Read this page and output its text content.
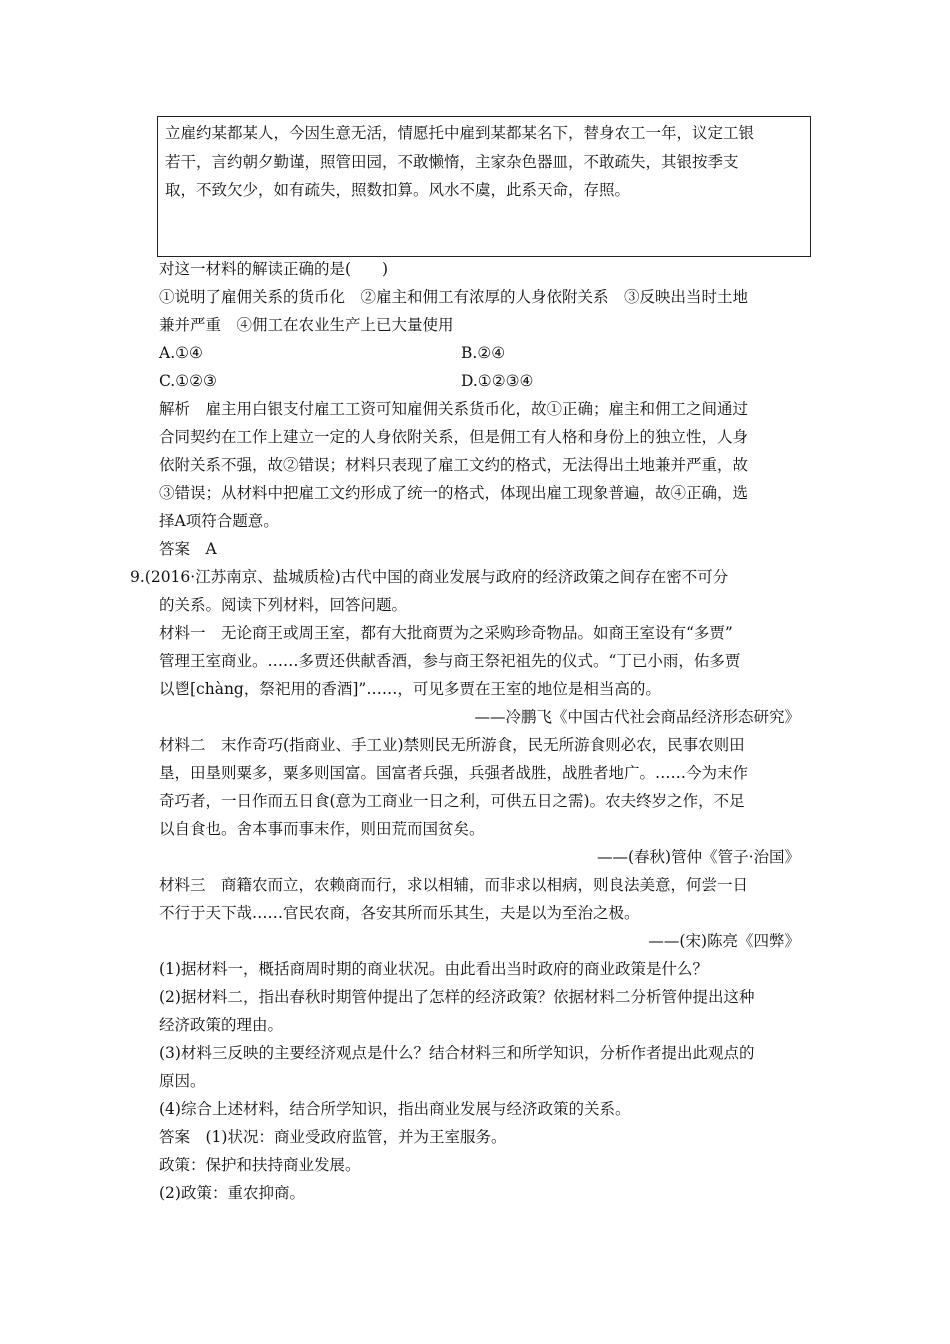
立雇约某都某人，今因生意无活，情愿托中雇到某都某名下，替身农工一年，议定工银
若干，言约朝夕勤谨，照管田园，不敢懒惰，主家杂色器皿，不敢疏失，其银按季支
取，不致欠少，如有疏失，照数扣算。风水不虞，此系天命，存照。
对这一材料的解读正确的是(　　)
①说明了雇佣关系的货币化　②雇主和佣工有浓厚的人身依附关系　③反映出当时土地
兼并严重　④佣工在农业生产上已大量使用
A.①④	B.②④
C.①②③	D.①②③④
解析　雇主用白银支付雇工工资可知雇佣关系货币化，故①正确；雇主和佣工之间通过
合同契约在工作上建立一定的人身依附关系，但是佣工有人格和身份上的独立性，人身
依附关系不强，故②错误；材料只表现了雇工文约的格式，无法得出土地兼并严重，故
③错误；从材料中把雇工文约形成了统一的格式，体现出雇工现象普遍，故④正确，选
择A项符合题意。
答案　A
9.(2016·江苏南京、盐城质检)古代中国的商业发展与政府的经济政策之间存在密不可分
的关系。阅读下列材料，回答问题。
材料一　无论商王或周王室，都有大批商贾为之采购珍奇物品。如商王室设有“多贾”
管理王室商业。……多贾还供献香酒，参与商王祭祀祖先的仪式。“丁已小雨，佑多贾
以鬯[chàng，祭祀用的香酒]”……，可见多贾在王室的地位是相当高的。
——冷鹏飞《中国古代社会商品经济形态研究》
材料二　末作奇巧(指商业、手工业)禁则民无所游食，民无所游食则必农，民事农则田
垦，田垦则粟多，粟多则国富。国富者兵强，兵强者战胜，战胜者地广。……今为末作
奇巧者，一日作而五日食(意为工商业一日之利，可供五日之需)。农夫终岁之作，不足
以自食也。舍本事而事末作，则田荒而国贫矣。
——(春秋)管仲《管子·治国》
材料三　商籍农而立，农赖商而行，求以相辅，而非求以相病，则良法美意，何尝一日
不行于天下哉……官民农商，各安其所而乐其生，夫是以为至治之极。
——(宋)陈亮《四弊》
(1)据材料一，概括商周时期的商业状况。由此看出当时政府的商业政策是什么？
(2)据材料二，指出春秋时期管仲提出了怎样的经济政策？依据材料二分析管仲提出这种
经济政策的理由。
(3)材料三反映的主要经济观点是什么？结合材料三和所学知识，分析作者提出此观点的
原因。
(4)综合上述材料，结合所学知识，指出商业发展与经济政策的关系。
答案　(1)状况：商业受政府监管，并为王室服务。
政策：保护和扶持商业发展。
(2)政策：重农抑商。
